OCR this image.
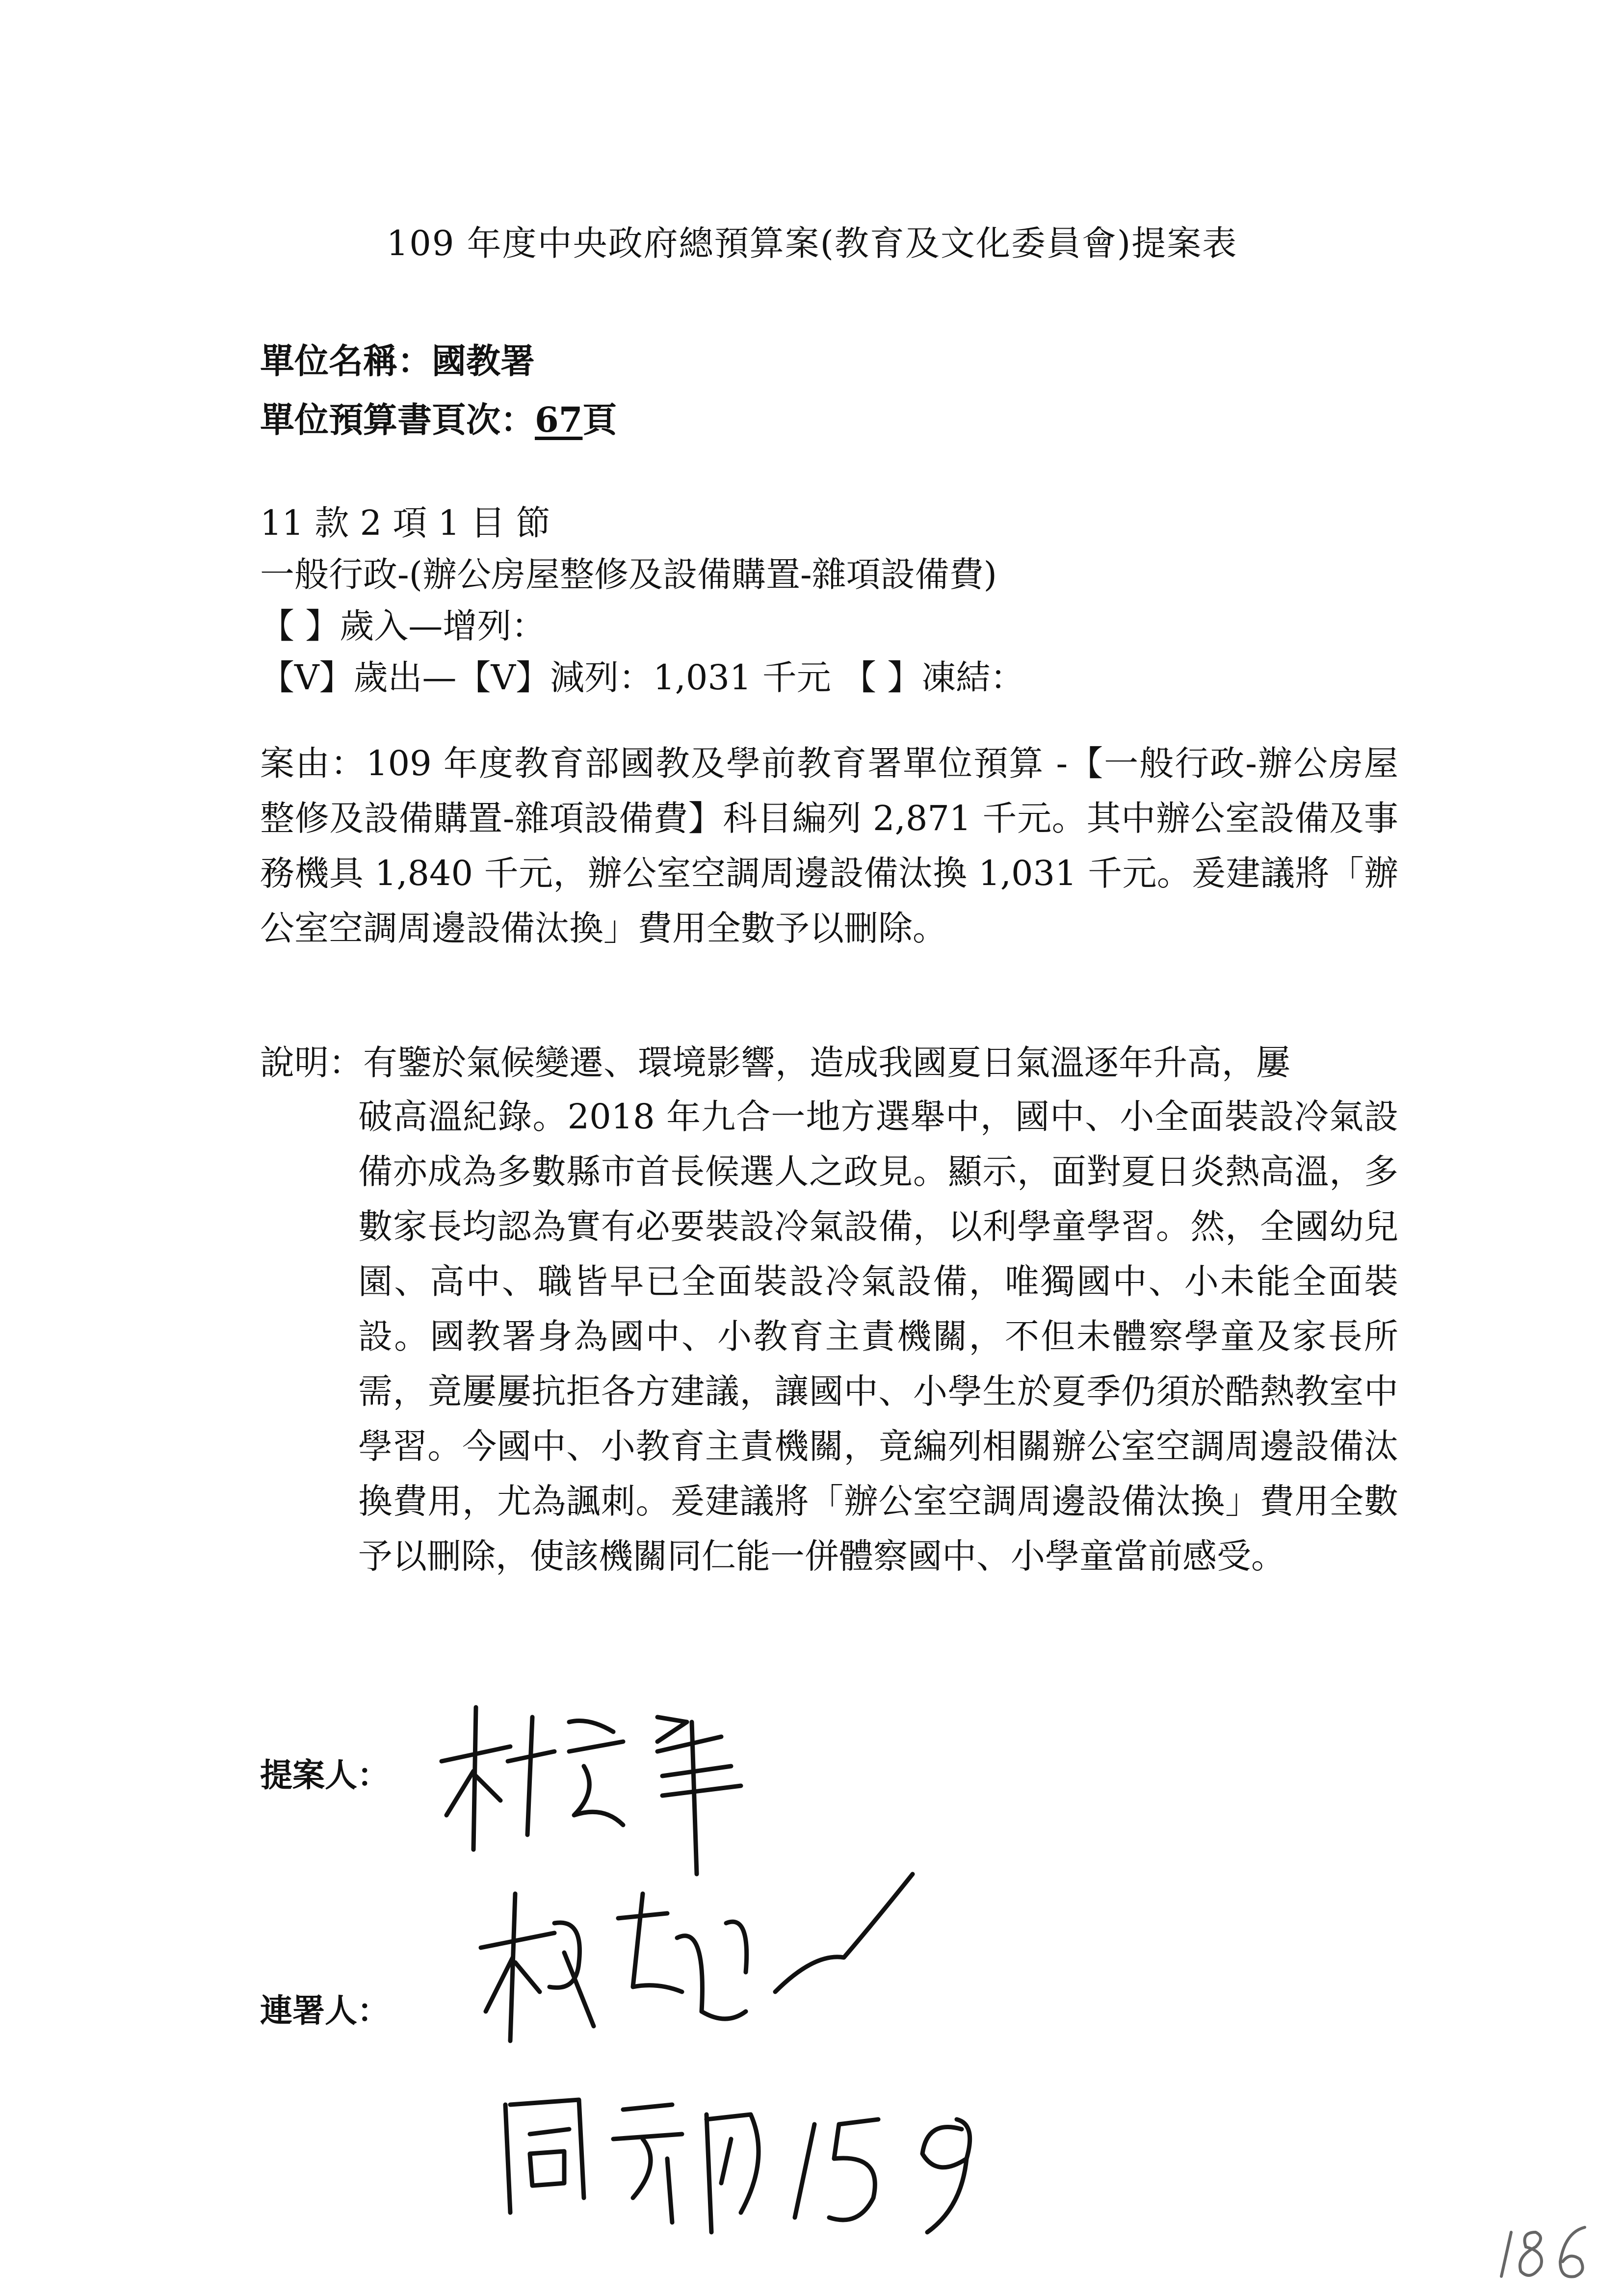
109 年度中央政府總預算案(教育及文化委員會)提案表
單位名稱：國教署
單位預算書頁次：67頁
11 款 2 項 1 目 節
一般行政-(辦公房屋整修及設備購置-雜項設備費)
【 】歲入—增列：
【V】歲出—【V】減列：1,031 千元 【 】凍結：

案由：109 年度教育部國教及學前教育署單位預算 -【一般行政-辦公房屋整修及設備購置-雜項設備費】科目編列 2,871 千元。其中辦公室設備及事務機具 1,840 千元，辦公室空調周邊設備汰換 1,031 千元。爰建議將「辦公室空調周邊設備汰換」費用全數予以刪除。

說明：有鑒於氣候變遷、環境影響，造成我國夏日氣溫逐年升高，屢
破高溫紀錄。2018 年九合一地方選舉中，國中、小全面裝設冷氣設備亦成為多數縣市首長候選人之政見。顯示，面對夏日炎熱高溫，多數家長均認為實有必要裝設冷氣設備，以利學童學習。然，全國幼兒園、高中、職皆早已全面裝設冷氣設備，唯獨國中、小未能全面裝設。國教署身為國中、小教育主責機關，不但未體察學童及家長所需，竟屢屢抗拒各方建議，讓國中、小學生於夏季仍須於酷熱教室中學習。今國中、小教育主責機關，竟編列相關辦公室空調周邊設備汰換費用，尤為諷刺。爰建議將「辦公室空調周邊設備汰換」費用全數予以刪除，使該機關同仁能一併體察國中、小學童當前感受。
提案人：
連署人：
